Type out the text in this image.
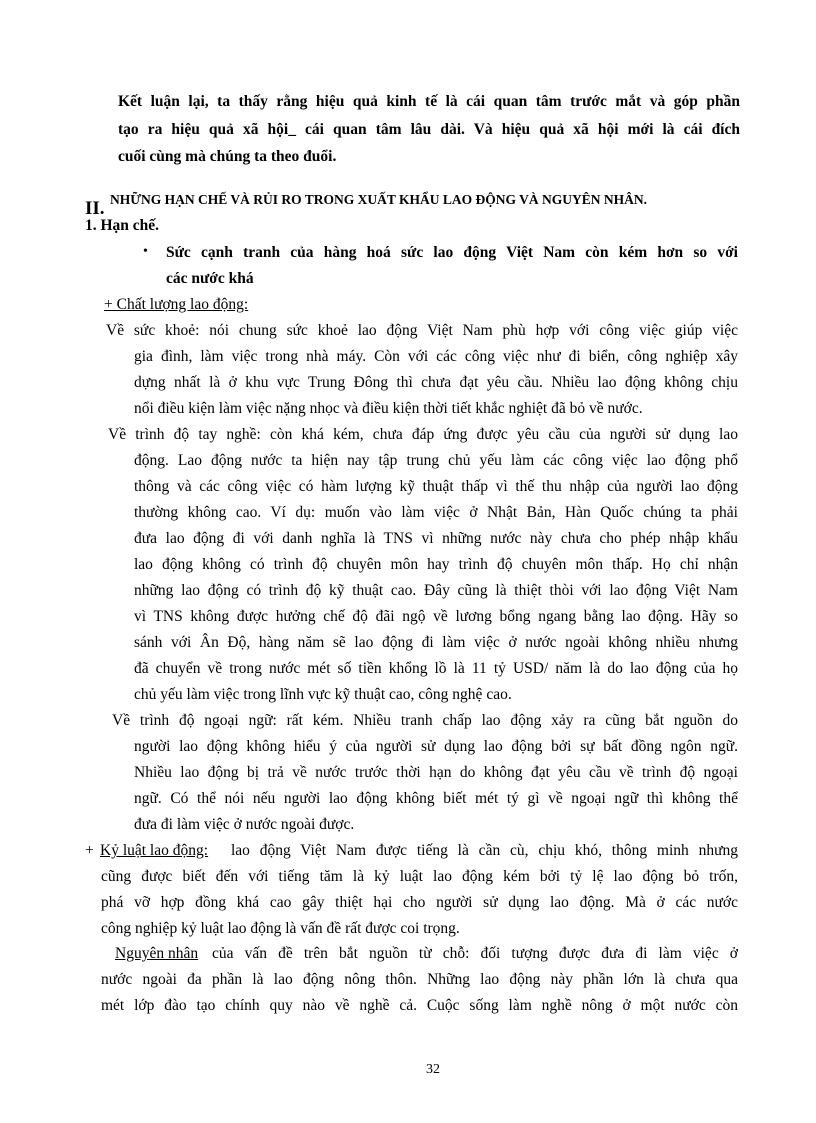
Kết luận lại, ta thấy rằng hiệu quả kinh tế là cái quan tâm trước mắt và góp phần
tạo ra hiệu quả xã hội_ cái quan tâm lâu dài. Và hiệu quả xã hội mới là cái đích
cuối cùng mà chúng ta theo đuổi.
II. NHỮNG HẠN CHẾ VÀ RỦI RO TRONG XUẤT KHẨU LAO ĐỘNG VÀ NGUYÊN NHÂN.
1. Hạn chế.
• Sức cạnh tranh của hàng hoá sức lao động Việt Nam còn kém hơn so với
các nước khá
+ Chất lượng lao động:
Về sức khoẻ: nói chung sức khoẻ lao động Việt Nam phù hợp với công việc giúp việc
gia đình, làm việc trong nhà máy. Còn với các công việc như đi biển, công nghiệp xây
dựng nhất là ở khu vực Trung Đông thì chưa đạt yêu cầu. Nhiều lao động không chịu
nổi điều kiện làm việc nặng nhọc và điều kiện thời tiết khắc nghiệt đã bỏ về nước.
Về trình độ tay nghề: còn khá kém, chưa đáp ứng được yêu cầu của người sử dụng lao
động. Lao động nước ta hiện nay tập trung chủ yếu làm các công việc lao động phổ
thông và các công việc có hàm lượng kỹ thuật thấp vì thế thu nhập của người lao động
thường không cao. Ví dụ: muốn vào làm việc ở Nhật Bản, Hàn Quốc chúng ta phải
đưa lao động đi với danh nghĩa là TNS vì những nước này chưa cho phép nhập khẩu
lao động không có trình độ chuyên môn hay trình độ chuyên môn thấp. Họ chỉ nhận
những lao động có trình độ kỹ thuật cao. Đây cũng là thiệt thòi với lao động Việt Nam
vì TNS không được hưởng chế độ đãi ngộ về lương bổng ngang bằng lao động. Hãy so
sánh với Ân Độ, hàng năm sẽ lao động đi làm việc ở nước ngoài không nhiều nhưng
đã chuyển về trong nước mét số tiền khổng lồ là 11 tỷ USD/ năm là do lao động của họ
chủ yếu làm việc trong lĩnh vực kỹ thuật cao, công nghệ cao.
Về trình độ ngoại ngữ: rất kém. Nhiều tranh chấp lao động xảy ra cũng bắt nguồn do
người lao động không hiểu ý của người sử dụng lao động bởi sự bất đồng ngôn ngữ.
Nhiều lao động bị trả về nước trước thời hạn do không đạt yêu cầu về trình độ ngoại
ngữ. Có thể nói nếu người lao động không biết mét tý gì về ngoại ngữ thì không thể
đưa đi làm việc ở nước ngoài được.
+ Kỷ luật lao động: lao động Việt Nam được tiếng là cần cù, chịu khó, thông minh nhưng
cũng được biết đến với tiếng tăm là kỷ luật lao động kém bởi tỷ lệ lao động bỏ trốn,
phá vỡ hợp đồng khá cao gây thiệt hại cho người sử dụng lao động. Mà ở các nước
công nghiệp kỷ luật lao động là vấn đề rất được coi trọng.
Nguyên nhân của vấn đề trên bắt nguồn từ chỗ: đối tượng được đưa đi làm việc ở
nước ngoài đa phần là lao động nông thôn. Những lao động này phần lớn là chưa qua
mét lớp đào tạo chính quy nào về nghề cả. Cuộc sống làm nghề nông ở một nước còn
32
